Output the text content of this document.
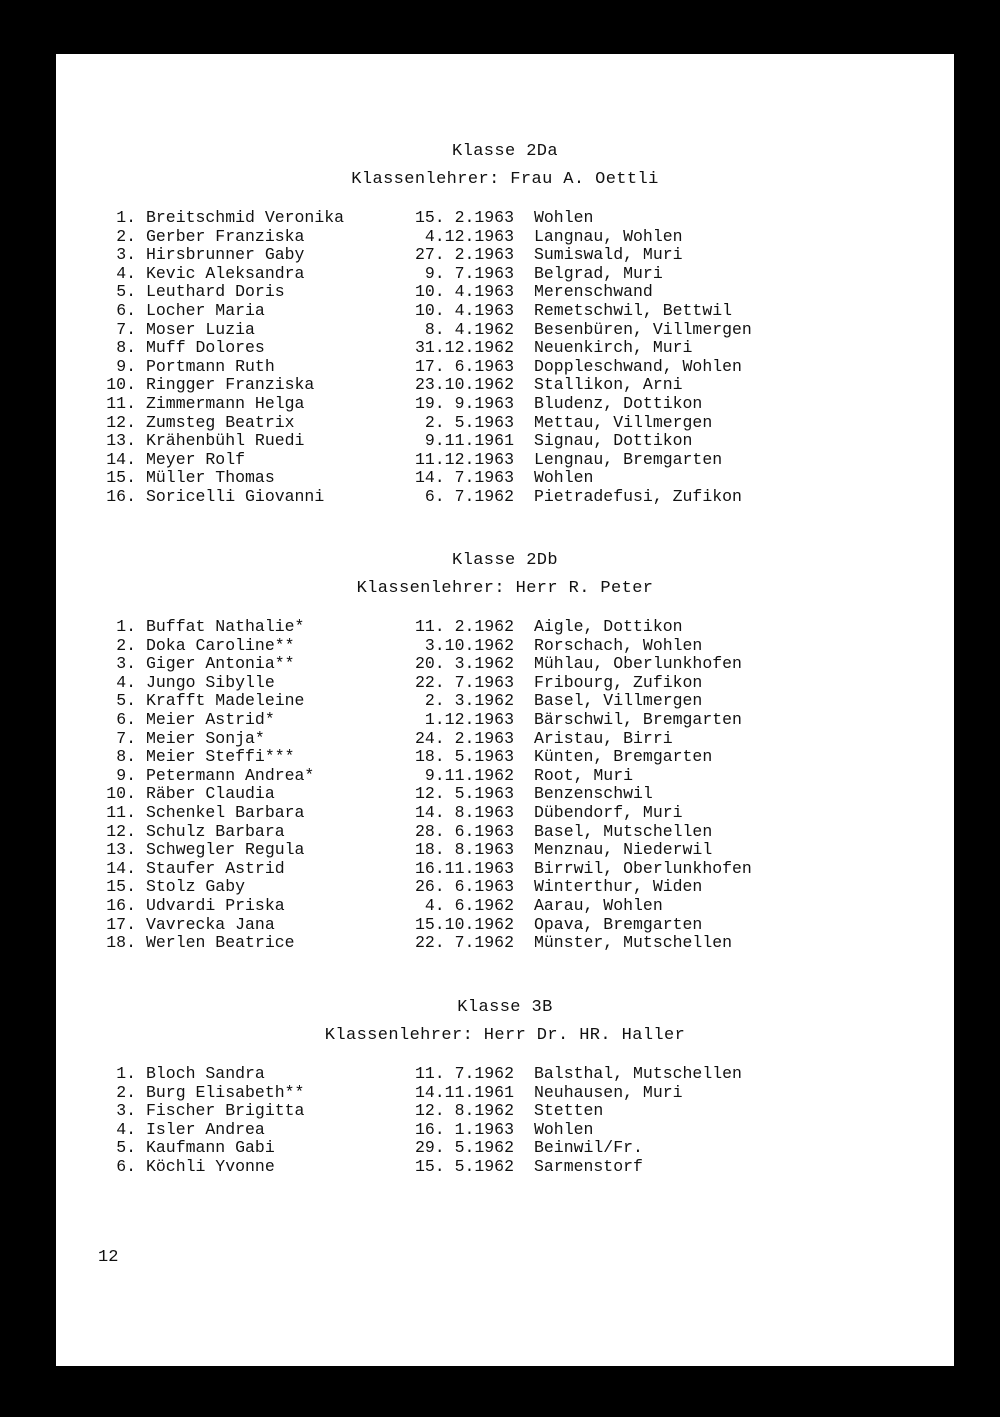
Klasse 2Da
Klassenlehrer: Frau A. Oettli
1. Breitschmid Veronika	15. 2.1963 Wohlen
2. Gerber Franziska	4.12.1963 Langnau, Wohlen
3. Hirsbrunner Gaby	27. 2.1963 Sumiswald, Muri
4. Kevic Aleksandra	9. 7.1963 Belgrad, Muri
5. Leuthard Doris	10. 4.1963 Merenschwand
6. Locher Maria	10. 4.1963 Remetschwil, Bettwil
7. Moser Luzia	8. 4.1962 Besenbüren, Villmergen
8. Muff Dolores	31.12.1962 Neuenkirch, Muri
9. Portmann Ruth	17. 6.1963 Doppleschwand, Wohlen
10. Ringger Franziska	23.10.1962 Stallikon, Arni
11. Zimmermann Helga	19. 9.1963 Bludenz, Dottikon
12. Zumsteg Beatrix	2. 5.1963 Mettau, Villmergen
13. Krähenbühl Ruedi	9.11.1961 Signau, Dottikon
14. Meyer Rolf	11.12.1963 Lengnau, Bremgarten
15. Müller Thomas	14. 7.1963 Wohlen
16. Soricelli Giovanni	6. 7.1962 Pietradefusi, Zufikon
Klasse 2Db
Klassenlehrer: Herr R. Peter
1. Buffat Nathalie*	11. 2.1962 Aigle, Dottikon
2. Doka Caroline**	3.10.1962 Rorschach, Wohlen
3. Giger Antonia**	20. 3.1962 Mühlau, Oberlunkhofen
4. Jungo Sibylle	22. 7.1963 Fribourg, Zufikon
5. Krafft Madeleine	2. 3.1962 Basel, Villmergen
6. Meier Astrid*	1.12.1963 Bärschwil, Bremgarten
7. Meier Sonja*	24. 2.1963 Aristau, Birri
8. Meier Steffi***	18. 5.1963 Künten, Bremgarten
9. Petermann Andrea*	9.11.1962 Root, Muri
10. Räber Claudia	12. 5.1963 Benzenschwil
11. Schenkel Barbara	14. 8.1963 Dübendorf, Muri
12. Schulz Barbara	28. 6.1963 Basel, Mutschellen
13. Schwegler Regula	18. 8.1963 Menznau, Niederwil
14. Staufer Astrid	16.11.1963 Birrwil, Oberlunkhofen
15. Stolz Gaby	26. 6.1963 Winterthur, Widen
16. Udvardi Priska	4. 6.1962 Aarau, Wohlen
17. Vavrecka Jana	15.10.1962 Opava, Bremgarten
18. Werlen Beatrice	22. 7.1962 Münster, Mutschellen
Klasse 3B
Klassenlehrer: Herr Dr. HR. Haller
1. Bloch Sandra	11. 7.1962 Balsthal, Mutschellen
2. Burg Elisabeth**	14.11.1961 Neuhausen, Muri
3. Fischer Brigitta	12. 8.1962 Stetten
4. Isler Andrea	16. 1.1963 Wohlen
5. Kaufmann Gabi	29. 5.1962 Beinwil/Fr.
6. Köchli Yvonne	15. 5.1962 Sarmenstorf
12
